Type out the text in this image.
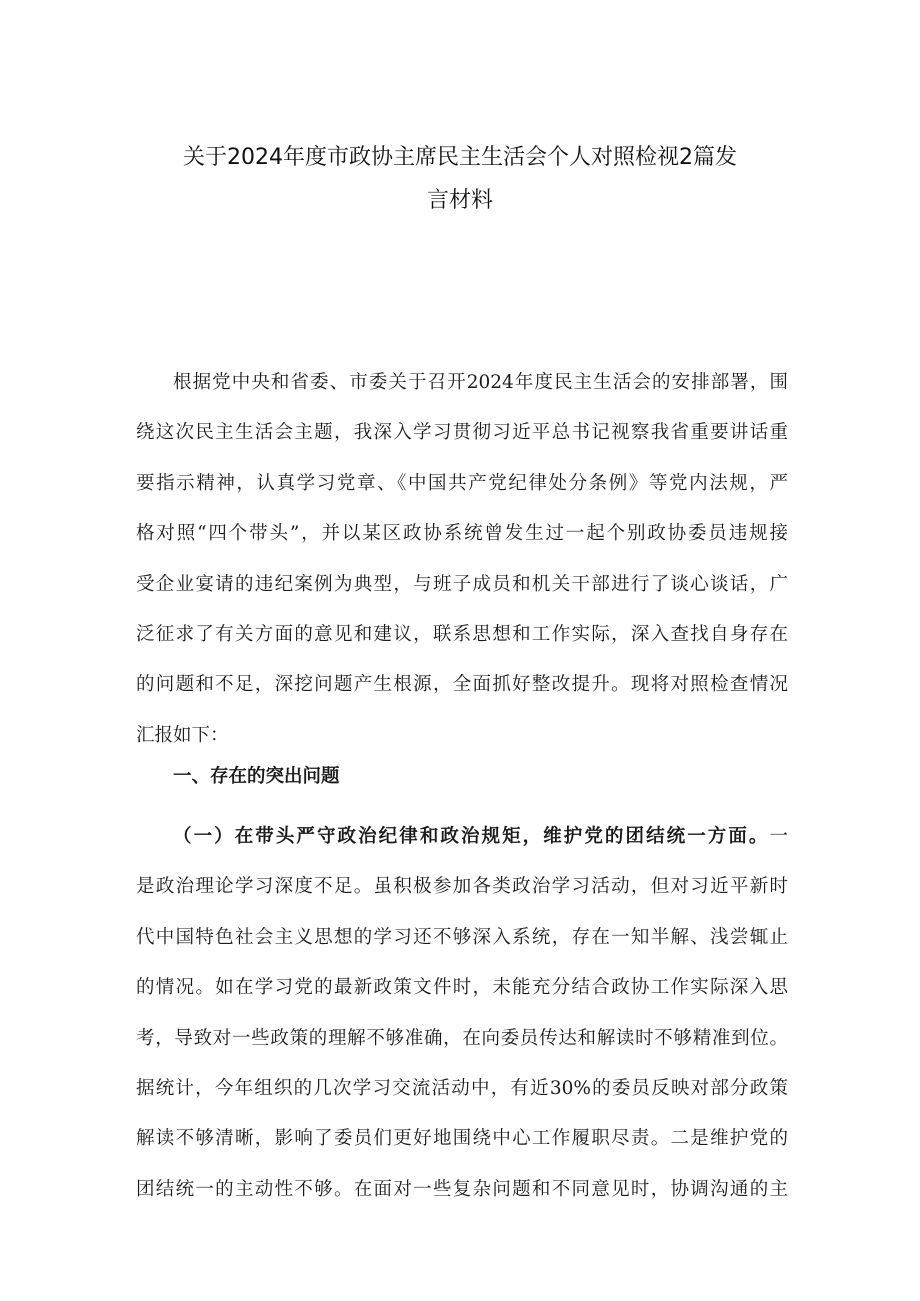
关于2024年度市政协主席民主生活会个人对照检视2篇发
言材料
根据党中央和省委、市委关于召开2024年度民主生活会的安排部署，围
绕这次民主生活会主题，我深入学习贯彻习近平总书记视察我省重要讲话重
要指示精神，认真学习党章、《中国共产党纪律处分条例》等党内法规，严
格对照“四个带头”，并以某区政协系统曾发生过一起个别政协委员违规接
受企业宴请的违纪案例为典型，与班子成员和机关干部进行了谈心谈话，广
泛征求了有关方面的意见和建议，联系思想和工作实际，深入查找自身存在
的问题和不足，深挖问题产生根源，全面抓好整改提升。现将对照检查情况
汇报如下：
一、存在的突出问题
（一）在带头严守政治纪律和政治规矩，维护党的团结统一方面。一
是政治理论学习深度不足。虽积极参加各类政治学习活动，但对习近平新时
代中国特色社会主义思想的学习还不够深入系统，存在一知半解、浅尝辄止
的情况。如在学习党的最新政策文件时，未能充分结合政协工作实际深入思
考，导致对一些政策的理解不够准确，在向委员传达和解读时不够精准到位。
据统计，今年组织的几次学习交流活动中，有近30%的委员反映对部分政策
解读不够清晰，影响了委员们更好地围绕中心工作履职尽责。二是维护党的
团结统一的主动性不够。在面对一些复杂问题和不同意见时，协调沟通的主
